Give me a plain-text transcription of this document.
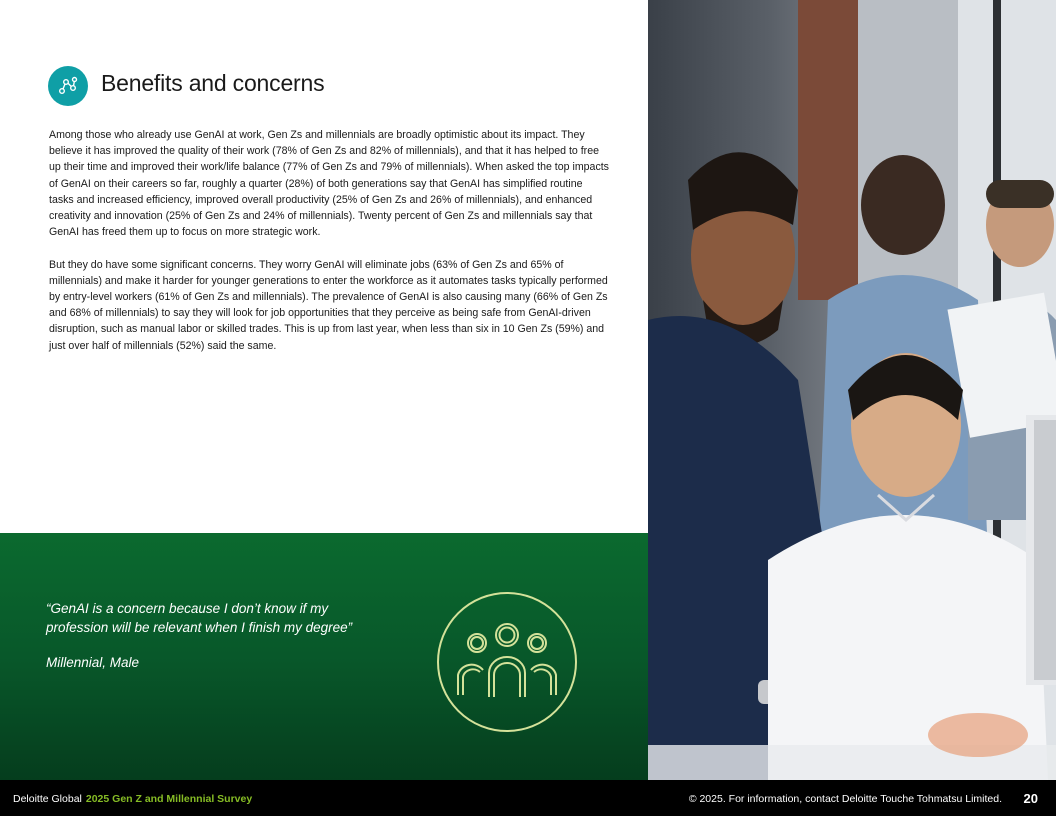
Benefits and concerns

Among those who already use GenAI at work, Gen Zs and millennials are broadly optimistic about its impact. They believe it has improved the quality of their work (78% of Gen Zs and 82% of millennials), and that it has helped to free up their time and improved their work/life balance (77% of Gen Zs and 79% of millennials). When asked the top impacts of GenAI on their careers so far, roughly a quarter (28%) of both generations say that GenAI has simplified routine tasks and increased efficiency, improved overall productivity (25% of Gen Zs and 26% of millennials), and enhanced creativity and innovation (25% of Gen Zs and 24% of millennials). Twenty percent of Gen Zs and millennials say that GenAI has freed them up to focus on more strategic work.

But they do have some significant concerns. They worry GenAI will eliminate jobs (63% of Gen Zs and 65% of millennials) and make it harder for younger generations to enter the workforce as it automates tasks typically performed by entry-level workers (61% of Gen Zs and millennials). The prevalence of GenAI is also causing many (66% of Gen Zs and 68% of millennials) to say they will look for job opportunities that they perceive as being safe from GenAI-driven disruption, such as manual labor or skilled trades. This is up from last year, when less than six in 10 Gen Zs (59%) and just over half of millennials (52%) said the same.

“GenAI is a concern because I don’t know if my profession will be relevant when I finish my degree”

Millennial, Male

Deloitte Global 2025 Gen Z and Millennial Survey	© 2025. For information, contact Deloitte Touche Tohmatsu Limited. 20
